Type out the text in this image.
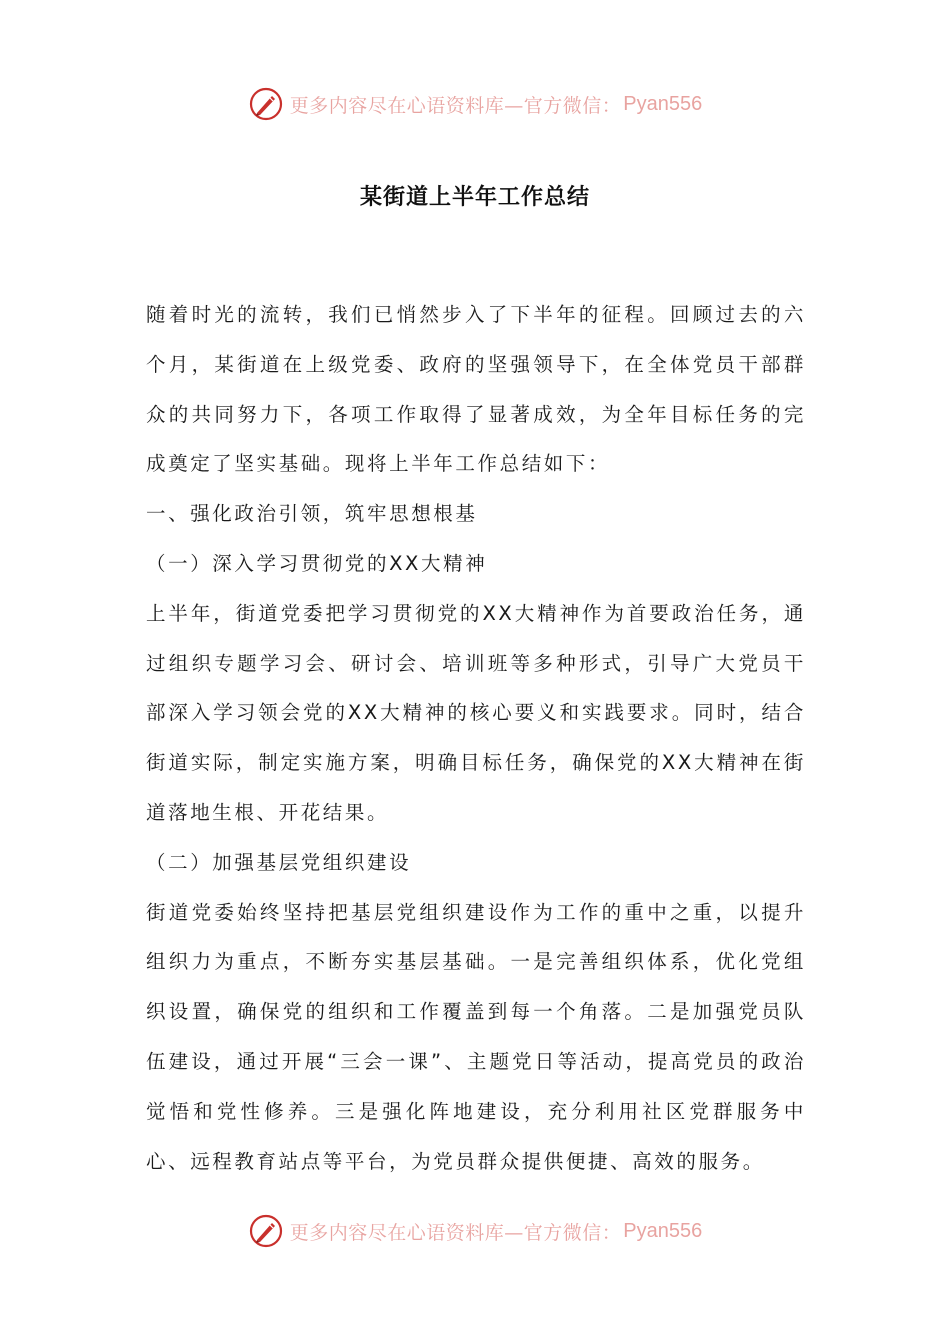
更多内容尽在心语资料库—官方微信： Pyan556
某街道上半年工作总结

随着时光的流转，我们已悄然步入了下半年的征程。回顾过去的六个月，某街道在上级党委、政府的坚强领导下，在全体党员干部群众的共同努力下，各项工作取得了显著成效，为全年目标任务的完成奠定了坚实基础。现将上半年工作总结如下：

一、强化政治引领，筑牢思想根基

（一）深入学习贯彻党的XX大精神

上半年，街道党委把学习贯彻党的XX大精神作为首要政治任务，通过组织专题学习会、研讨会、培训班等多种形式，引导广大党员干部深入学习领会党的XX大精神的核心要义和实践要求。同时，结合街道实际，制定实施方案，明确目标任务，确保党的XX大精神在街道落地生根、开花结果。

（二）加强基层党组织建设

街道党委始终坚持把基层党组织建设作为工作的重中之重，以提升组织力为重点，不断夯实基层基础。一是完善组织体系，优化党组织设置，确保党的组织和工作覆盖到每一个角落。二是加强党员队伍建设，通过开展“三会一课”、主题党日等活动，提高党员的政治觉悟和党性修养。三是强化阵地建设，充分利用社区党群服务中心、远程教育站点等平台，为党员群众提供便捷、高效的服务。

更多内容尽在心语资料库—官方微信： Pyan556
